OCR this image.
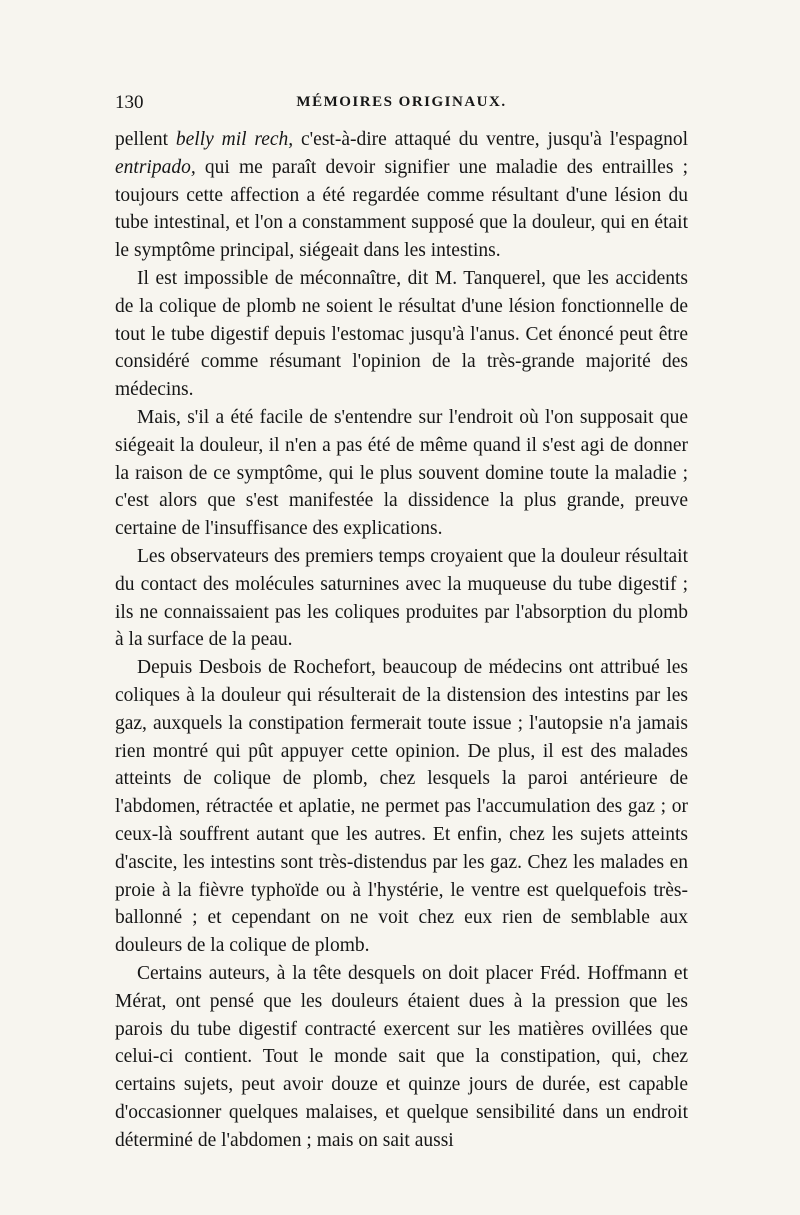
130	MÉMOIRES ORIGINAUX.

pellent belly mil rech, c'est-à-dire attaqué du ventre, jusqu'à l'espagnol entripado, qui me paraît devoir signifier une maladie des entrailles ; toujours cette affection a été regardée comme résultant d'une lésion du tube intestinal, et l'on a constamment supposé que la douleur, qui en était le symptôme principal, siégeait dans les intestins.

Il est impossible de méconnaître, dit M. Tanquerel, que les accidents de la colique de plomb ne soient le résultat d'une lésion fonctionnelle de tout le tube digestif depuis l'estomac jusqu'à l'anus. Cet énoncé peut être considéré comme résumant l'opinion de la très-grande majorité des médecins.

Mais, s'il a été facile de s'entendre sur l'endroit où l'on supposait que siégeait la douleur, il n'en a pas été de même quand il s'est agi de donner la raison de ce symptôme, qui le plus souvent domine toute la maladie ; c'est alors que s'est manifestée la dissidence la plus grande, preuve certaine de l'insuffisance des explications.

Les observateurs des premiers temps croyaient que la douleur résultait du contact des molécules saturnines avec la muqueuse du tube digestif ; ils ne connaissaient pas les coliques produites par l'absorption du plomb à la surface de la peau.

Depuis Desbois de Rochefort, beaucoup de médecins ont attribué les coliques à la douleur qui résulterait de la distension des intestins par les gaz, auxquels la constipation fermerait toute issue ; l'autopsie n'a jamais rien montré qui pût appuyer cette opinion. De plus, il est des malades atteints de colique de plomb, chez lesquels la paroi antérieure de l'abdomen, rétractée et aplatie, ne permet pas l'accumulation des gaz ; or ceux-là souffrent autant que les autres. Et enfin, chez les sujets atteints d'ascite, les intestins sont très-distendus par les gaz. Chez les malades en proie à la fièvre typhoïde ou à l'hystérie, le ventre est quelquefois très-ballonné ; et cependant on ne voit chez eux rien de semblable aux douleurs de la colique de plomb.

Certains auteurs, à la tête desquels on doit placer Fréd. Hoffmann et Mérat, ont pensé que les douleurs étaient dues à la pression que les parois du tube digestif contracté exercent sur les matières ovillées que celui-ci contient. Tout le monde sait que la constipation, qui, chez certains sujets, peut avoir douze et quinze jours de durée, est capable d'occasionner quelques malaises, et quelque sensibilité dans un endroit déterminé de l'abdomen ; mais on sait aussi
